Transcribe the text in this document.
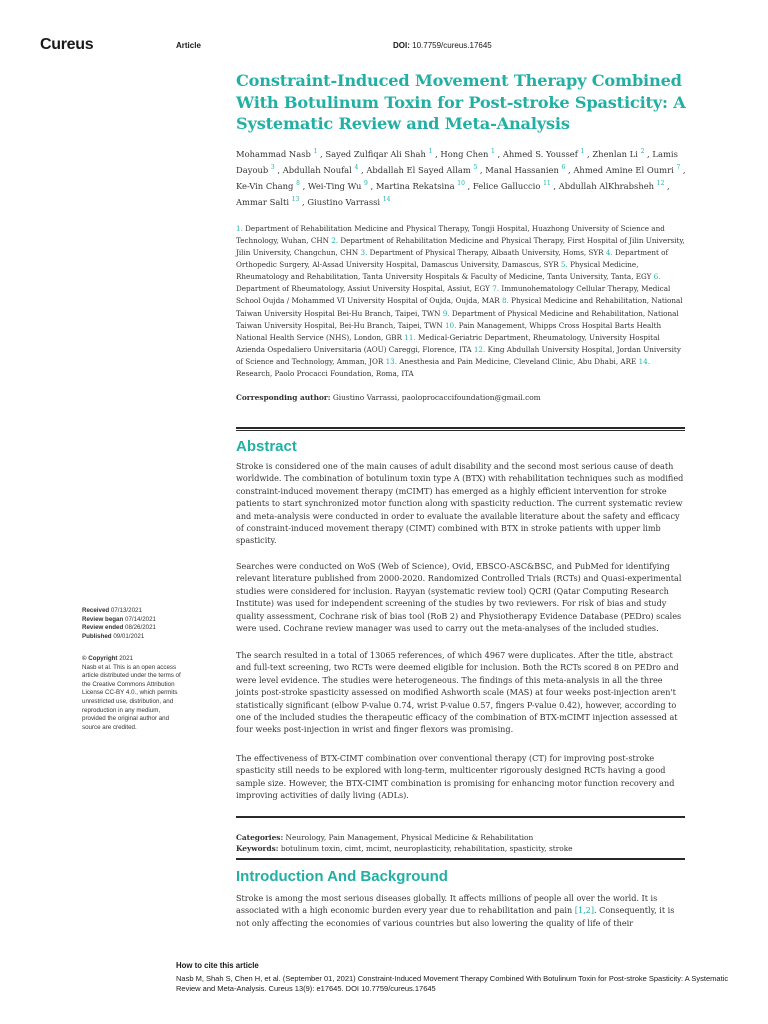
Cureus	Article	DOI: 10.7759/cureus.17645
Constraint-Induced Movement Therapy Combined With Botulinum Toxin for Post-stroke Spasticity: A Systematic Review and Meta-Analysis
Mohammad Nasb $^1$ , Sayed Zulfiqar Ali Shah $^1$ , Hong Chen $^1$ , Ahmed S. Youssef $^1$ , Zhenlan Li $^2$ , Lamis Dayoub $^3$ , Abdullah Noufal $^4$ , Abdallah El Sayed Allam $^5$ , Manal Hassanien $^6$ , Ahmed Amine El Oumri $^7$ , Ke-Vin Chang $^8$ , Wei-Ting Wu $^9$ , Martina Rekatsina $^{10}$ , Felice Galluccio $^{11}$ , Abdullah AlKhrabsheh $^{12}$ , Ammar Salti $^{13}$ , Giustino Varrassi $^{14}$
1. Department of Rehabilitation Medicine and Physical Therapy, Tongji Hospital, Huazhong University of Science and Technology, Wuhan, CHN 2. Department of Rehabilitation Medicine and Physical Therapy, First Hospital of Jilin University, Jilin University, Changchun, CHN 3. Department of Physical Therapy, Albaath University, Homs, SYR 4. Department of Orthopedic Surgery, Al-Assad University Hospital, Damascus University, Damascus, SYR 5. Physical Medicine, Rheumatology and Rehabilitation, Tanta University Hospitals & Faculty of Medicine, Tanta University, Tanta, EGY 6. Department of Rheumatology, Assiut University Hospital, Assiut, EGY 7. Immunohematology Cellular Therapy, Medical School Oujda / Mohammed VI University Hospital of Oujda, Oujda, MAR 8. Physical Medicine and Rehabilitation, National Taiwan University Hospital Bei-Hu Branch, Taipei, TWN 9. Department of Physical Medicine and Rehabilitation, National Taiwan University Hospital, Bei-Hu Branch, Taipei, TWN 10. Pain Management, Whipps Cross Hospital Barts Health National Health Service (NHS), London, GBR 11. Medical-Geriatric Department, Rheumatology, University Hospital Azienda Ospedaliero Universitaria (AOU) Careggi, Florence, ITA 12. King Abdullah University Hospital, Jordan University of Science and Technology, Amman, JOR 13. Anesthesia and Pain Medicine, Cleveland Clinic, Abu Dhabi, ARE 14. Research, Paolo Procacci Foundation, Roma, ITA
Corresponding author: Giustino Varrassi, paoloprocaccifoundation@gmail.com
Abstract

Stroke is considered one of the main causes of adult disability and the second most serious cause of death worldwide. The combination of botulinum toxin type A (BTX) with rehabilitation techniques such as modified constraint-induced movement therapy (mCIMT) has emerged as a highly efficient intervention for stroke patients to start synchronized motor function along with spasticity reduction. The current systematic review and meta-analysis were conducted in order to evaluate the available literature about the safety and efficacy of constraint-induced movement therapy (CIMT) combined with BTX in stroke patients with upper limb spasticity.

Searches were conducted on WoS (Web of Science), Ovid, EBSCO-ASC&BSC, and PubMed for identifying relevant literature published from 2000-2020. Randomized Controlled Trials (RCTs) and Quasi-experimental studies were considered for inclusion. Rayyan (systematic review tool) QCRI (Qatar Computing Research Institute) was used for independent screening of the studies by two reviewers. For risk of bias and study quality assessment, Cochrane risk of bias tool (RoB 2) and Physiotherapy Evidence Database (PEDro) scales were used. Cochrane review manager was used to carry out the meta-analyses of the included studies.

The search resulted in a total of 13065 references, of which 4967 were duplicates. After the title, abstract and full-text screening, two RCTs were deemed eligible for inclusion. Both the RCTs scored 8 on PEDro and were level evidence. The studies were heterogeneous. The findings of this meta-analysis in all the three joints post-stroke spasticity assessed on modified Ashworth scale (MAS) at four weeks post-injection aren't statistically significant (elbow P-value 0.74, wrist P-value 0.57, fingers P-value 0.42), however, according to one of the included studies the therapeutic efficacy of the combination of BTX-mCIMT injection assessed at four weeks post-injection in wrist and finger flexors was promising.

The effectiveness of BTX-CIMT combination over conventional therapy (CT) for improving post-stroke spasticity still needs to be explored with long-term, multicenter rigorously designed RCTs having a good sample size. However, the BTX-CIMT combination is promising for enhancing motor function recovery and improving activities of daily living (ADLs).

Received 07/13/2021
Review began 07/14/2021
Review ended 08/26/2021
Published 09/01/2021
© Copyright 2021
Nasb et al. This is an open access article distributed under the terms of the Creative Commons Attribution License CC-BY 4.0., which permits unrestricted use, distribution, and reproduction in any medium, provided the original author and source are credited.
Categories: Neurology, Pain Management, Physical Medicine & Rehabilitation
Keywords: botulinum toxin, cimt, mcimt, neuroplasticity, rehabilitation, spasticity, stroke
Introduction And Background

Stroke is among the most serious diseases globally. It affects millions of people all over the world. It is associated with a high economic burden every year due to rehabilitation and pain [1,2]. Consequently, it is not only affecting the economies of various countries but also lowering the quality of life of their

How to cite this article
Nasb M, Shah S, Chen H, et al. (September 01, 2021) Constraint-Induced Movement Therapy Combined With Botulinum Toxin for Post-stroke Spasticity: A Systematic Review and Meta-Analysis. Cureus 13(9): e17645. DOI 10.7759/cureus.17645
